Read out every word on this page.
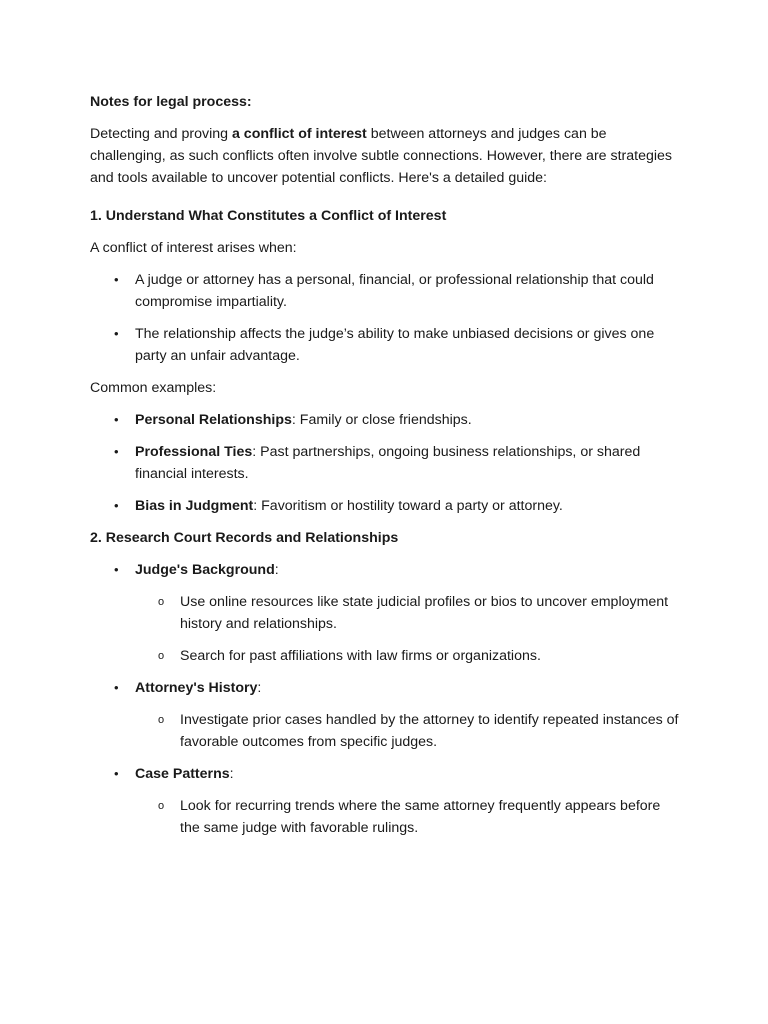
Notes for legal process:

Detecting and proving a conflict of interest between attorneys and judges can be challenging, as such conflicts often involve subtle connections. However, there are strategies and tools available to uncover potential conflicts. Here's a detailed guide:

1. Understand What Constitutes a Conflict of Interest

A conflict of interest arises when:

• A judge or attorney has a personal, financial, or professional relationship that could compromise impartiality.
• The relationship affects the judge’s ability to make unbiased decisions or gives one party an unfair advantage.

Common examples:

• Personal Relationships: Family or close friendships.
• Professional Ties: Past partnerships, ongoing business relationships, or shared financial interests.
• Bias in Judgment: Favoritism or hostility toward a party or attorney.
2. Research Court Records and Relationships
• Judge's Background:
o Use online resources like state judicial profiles or bios to uncover employment history and relationships.
o Search for past affiliations with law firms or organizations.
• Attorney's History:
o Investigate prior cases handled by the attorney to identify repeated instances of favorable outcomes from specific judges.
• Case Patterns:
o Look for recurring trends where the same attorney frequently appears before the same judge with favorable rulings.
